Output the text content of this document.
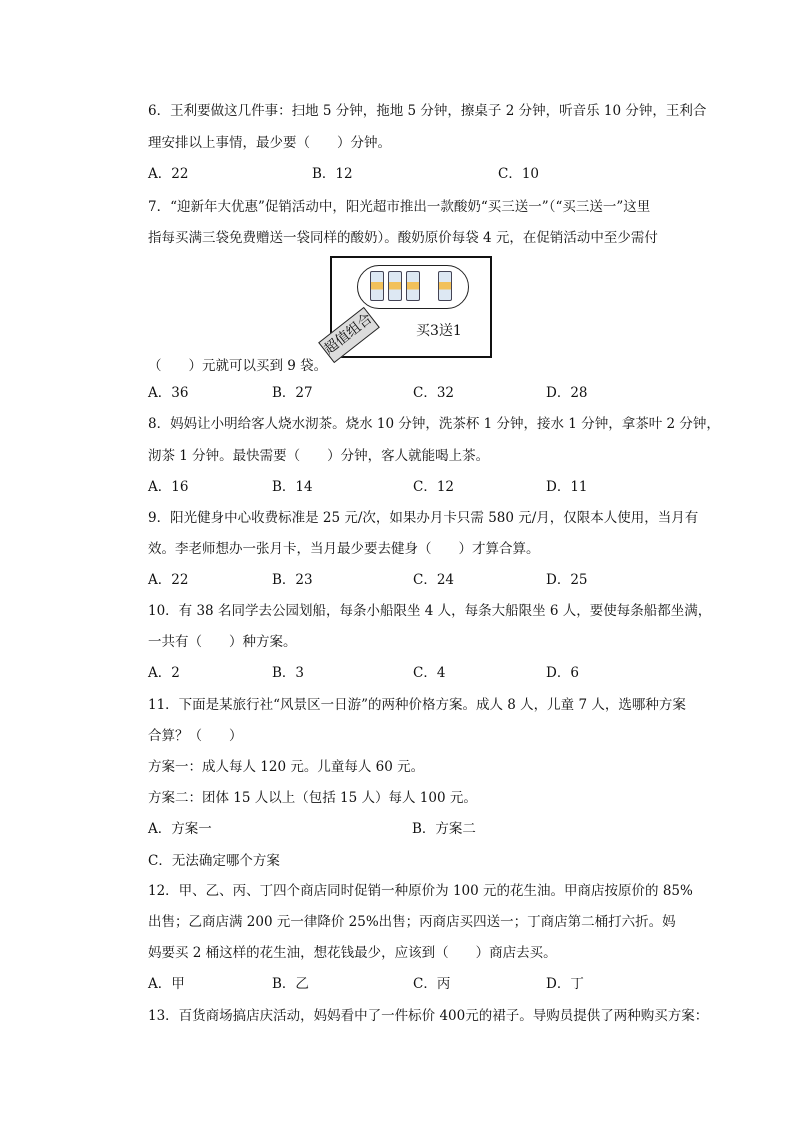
6．王利要做这几件事：扫地 5 分钟，拖地 5 分钟，擦桌子 2 分钟，听音乐 10 分钟，王利合
理安排以上事情，最少要（　　）分钟。
A．22	B．12	C．10
7．“迎新年大优惠”促销活动中，阳光超市推出一款酸奶“买三送一”（“买三送一”这里
指每买满三袋免费赠送一袋同样的酸奶）。酸奶原价每袋 4 元，在促销活动中至少需付
超值组合	买3送1
（　　）元就可以买到 9 袋。
A．36	B．27	C．32	D．28
8．妈妈让小明给客人烧水沏茶。烧水 10 分钟，洗茶杯 1 分钟，接水 1 分钟，拿茶叶 2 分钟，
沏茶 1 分钟。最快需要（　　）分钟，客人就能喝上茶。
A．16	B．14	C．12	D．11
9．阳光健身中心收费标准是 25 元/次，如果办月卡只需 580 元/月，仅限本人使用，当月有
效。李老师想办一张月卡，当月最少要去健身（　　）才算合算。
A．22	B．23	C．24	D．25
10．有 38 名同学去公园划船，每条小船限坐 4 人，每条大船限坐 6 人，要使每条船都坐满，
一共有（　　）种方案。
A．2	B．3	C．4	D．6
11．下面是某旅行社“风景区一日游”的两种价格方案。成人 8 人，儿童 7 人，选哪种方案
合算？（　　）
方案一：成人每人 120 元。儿童每人 60 元。
方案二：团体 15 人以上（包括 15 人）每人 100 元。
A．方案一	B．方案二
C．无法确定哪个方案
12．甲、乙、丙、丁四个商店同时促销一种原价为 100 元的花生油。甲商店按原价的 85%
出售；乙商店满 200 元一律降价 25%出售；丙商店买四送一；丁商店第二桶打六折。妈
妈要买 2 桶这样的花生油，想花钱最少，应该到（　　）商店去买。
A．甲	B．乙	C．丙	D．丁
13．百货商场搞店庆活动，妈妈看中了一件标价 400元的裙子。导购员提供了两种购买方案：
